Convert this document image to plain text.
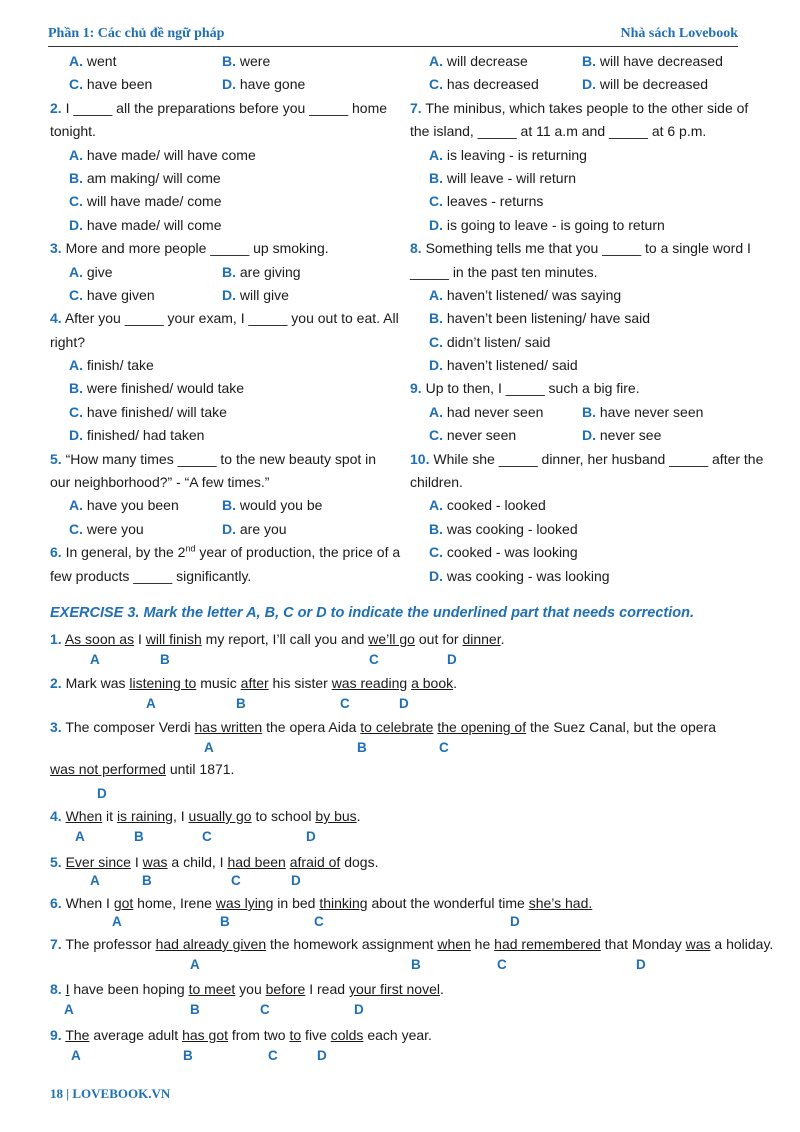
Phần 1: Các chủ đề ngữ pháp	Nhà sách Lovebook
A. went	B. were
C. have been	D. have gone
2. I _____ all the preparations before you _____ home
tonight.
A. have made/ will have come
B. am making/ will come
C. will have made/ come
D. have made/ will come
3. More and more people _____ up smoking.
A. give	B. are giving
C. have given	D. will give
4. After you _____ your exam, I _____ you out to eat. All
right?
A. finish/ take
B. were finished/ would take
C. have finished/ will take
D. finished/ had taken
5. “How many times _____ to the new beauty spot in
our neighborhood?” - “A few times.”
A. have you been	B. would you be
C. were you	D. are you
6. In general, by the 2nd year of production, the price of a
few products _____ significantly.
A. will decrease	B. will have decreased
C. has decreased	D. will be decreased
7. The minibus, which takes people to the other side of
the island, _____ at 11 a.m and _____ at 6 p.m.
A. is leaving - is returning
B. will leave - will return
C. leaves - returns
D. is going to leave - is going to return
8. Something tells me that you _____ to a single word I
_____ in the past ten minutes.
A. haven’t listened/ was saying
B. haven’t been listening/ have said
C. didn’t listen/ said
D. haven’t listened/ said
9. Up to then, I _____ such a big fire.
A. had never seen	B. have never seen
C. never seen	D. never see
10. While she _____ dinner, her husband _____ after the
children.
A. cooked - looked
B. was cooking - looked
C. cooked - was looking
D. was cooking - was looking
EXERCISE 3. Mark the letter A, B, C or D to indicate the underlined part that needs correction.
1. As soon as I will finish my report, I’ll call you and we’ll go out for dinner.
A	B	C	D
2. Mark was listening to music after his sister was reading a book.
A	B	C	D
3. The composer Verdi has written the opera Aida to celebrate the opening of the Suez Canal, but the opera
A	B	C
was not performed until 1871.
D
4. When it is raining, I usually go to school by bus.
A	B	C	D
5. Ever since I was a child, I had been afraid of dogs.
A	B	C	D
6. When I got home, Irene was lying in bed thinking about the wonderful time she’s had.
A	B	C	D
7. The professor had already given the homework assignment when he had remembered that Monday was a holiday.
A	B	C	D
8. I have been hoping to meet you before I read your first novel.
A	B	C	D
9. The average adult has got from two to five colds each year.
A	B	C	D
18 | LOVEBOOK.VN
